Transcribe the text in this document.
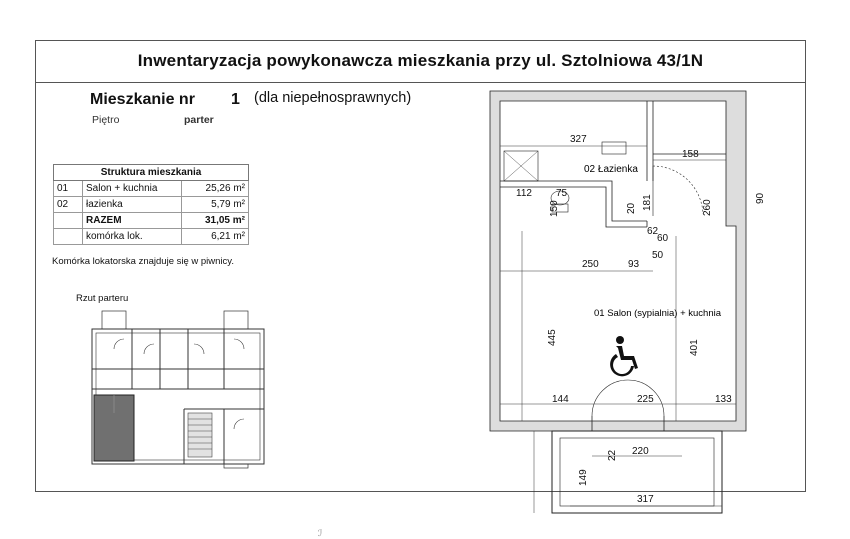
Inwentaryzacja powykonawcza mieszkania przy ul. Sztolniowa 43/1N
Mieszkanie nr 1 (dla niepełnosprawnych)
Piętro	parter
Struktura mieszkania		
01	Salon + kuchnia	25,26 m²
02	łazienka	5,79 m²
	RAZEM	31,05 m²
	komórka lok.	6,21 m²
Komórka lokatorska znajduje się w piwnicy.
Rzut parteru
327
158
150
112 75
181
20
62
260
90
60
50
250	93
445
401
144	225	133
22 220
149
317
02 Łazienka
01 Salon (sypialnia) + kuchnia
ℐ
